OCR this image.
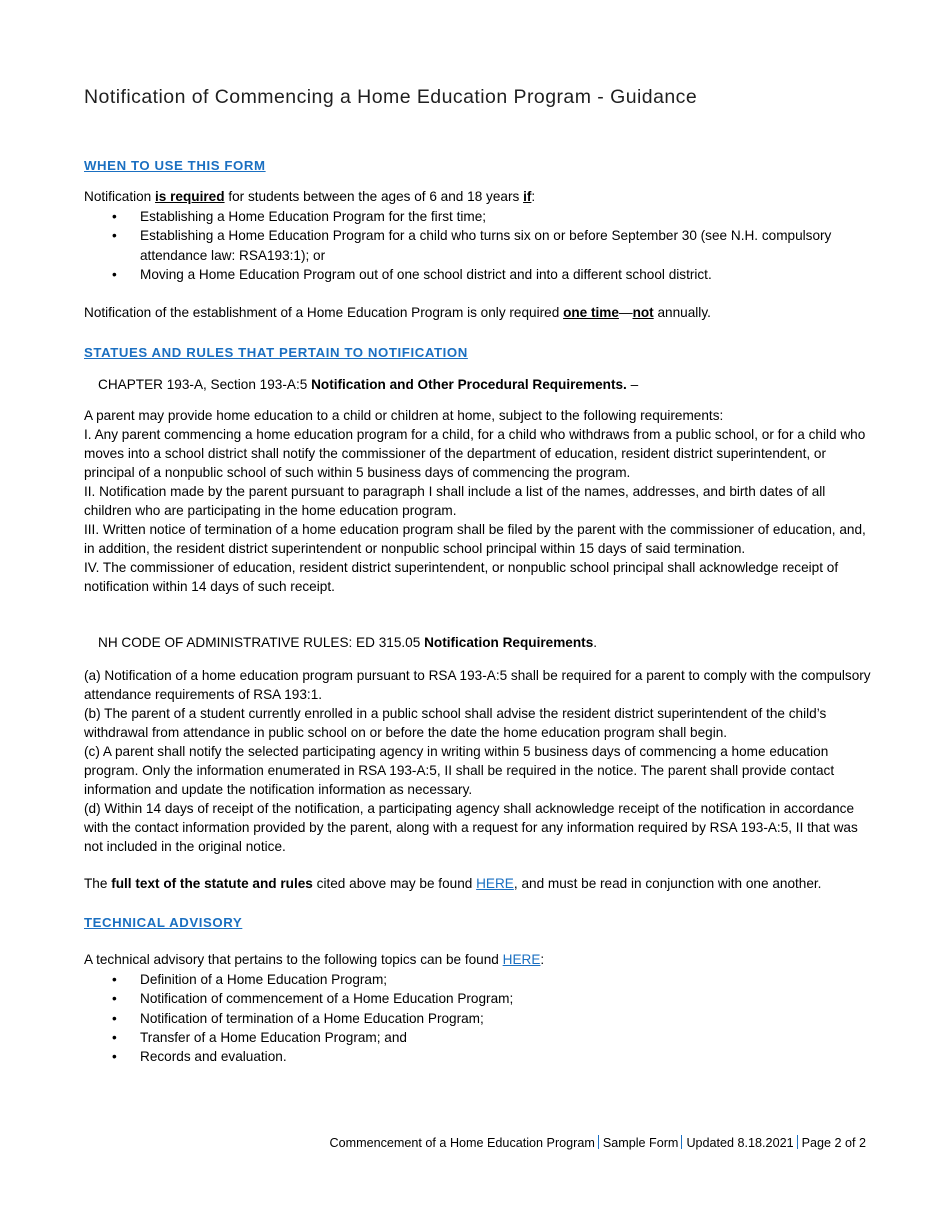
Notification of Commencing a Home Education Program - Guidance
WHEN TO USE THIS FORM

Notification is required for students between the ages of 6 and 18 years if:

• Establishing a Home Education Program for the first time;
• Establishing a Home Education Program for a child who turns six on or before September 30 (see N.H. compulsory attendance law: RSA193:1); or
• Moving a Home Education Program out of one school district and into a different school district.

Notification of the establishment of a Home Education Program is only required one time—not annually.

STATUES AND RULES THAT PERTAIN TO NOTIFICATION

CHAPTER 193-A, Section 193-A:5 Notification and Other Procedural Requirements. –

A parent may provide home education to a child or children at home, subject to the following requirements:
I. Any parent commencing a home education program for a child, for a child who withdraws from a public school, or for a child who moves into a school district shall notify the commissioner of the department of education, resident district superintendent, or principal of a nonpublic school of such within 5 business days of commencing the program.
II. Notification made by the parent pursuant to paragraph I shall include a list of the names, addresses, and birth dates of all children who are participating in the home education program.
III. Written notice of termination of a home education program shall be filed by the parent with the commissioner of education, and, in addition, the resident district superintendent or nonpublic school principal within 15 days of said termination.
IV. The commissioner of education, resident district superintendent, or nonpublic school principal shall acknowledge receipt of notification within 14 days of such receipt.

NH CODE OF ADMINISTRATIVE RULES: ED 315.05 Notification Requirements.

(a) Notification of a home education program pursuant to RSA 193-A:5 shall be required for a parent to comply with the compulsory attendance requirements of RSA 193:1.
(b) The parent of a student currently enrolled in a public school shall advise the resident district superintendent of the child’s withdrawal from attendance in public school on or before the date the home education program shall begin.
(c) A parent shall notify the selected participating agency in writing within 5 business days of commencing a home education program. Only the information enumerated in RSA 193-A:5, II shall be required in the notice. The parent shall provide contact information and update the notification information as necessary.
(d) Within 14 days of receipt of the notification, a participating agency shall acknowledge receipt of the notification in accordance with the contact information provided by the parent, along with a request for any information required by RSA 193-A:5, II that was not included in the original notice.

The full text of the statute and rules cited above may be found HERE, and must be read in conjunction with one another.

TECHNICAL ADVISORY

A technical advisory that pertains to the following topics can be found HERE:

• Definition of a Home Education Program;
• Notification of commencement of a Home Education Program;
• Notification of termination of a Home Education Program;
• Transfer of a Home Education Program; and
• Records and evaluation.
Commencement of a Home Education Program Sample Form Updated 8.18.2021 Page 2 of 2
